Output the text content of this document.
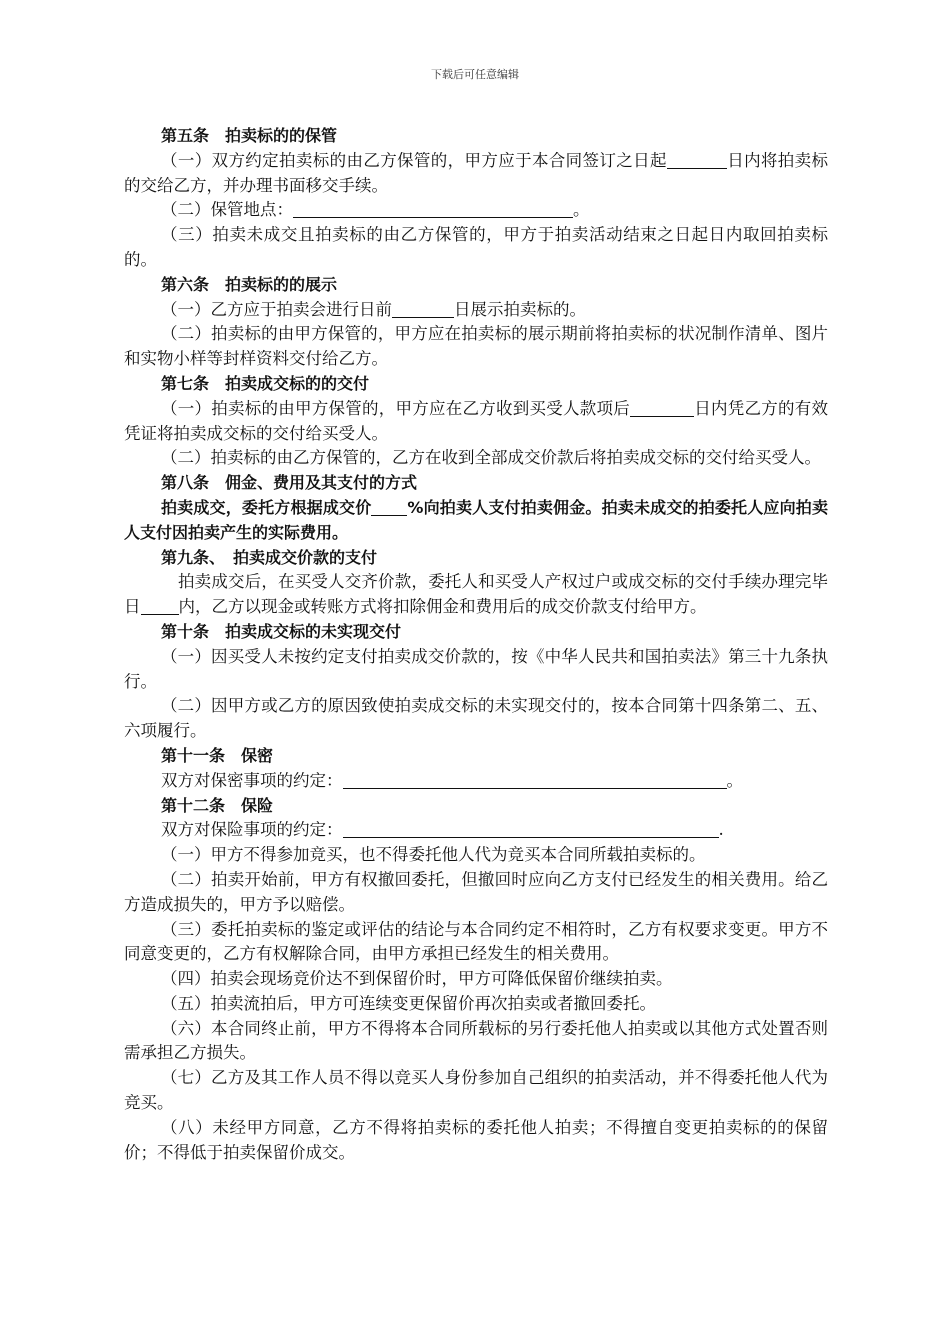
下载后可任意编辑
第五条　拍卖标的的保管
（一）双方约定拍卖标的由乙方保管的，甲方应于本合同签订之日起	日内将拍卖标的交给乙方，并办理书面移交手续。
（二）保管地点：	。
（三）拍卖未成交且拍卖标的由乙方保管的，甲方于拍卖活动结束之日起日内取回拍卖标的。
第六条　拍卖标的的展示
（一）乙方应于拍卖会进行日前	日展示拍卖标的。
（二）拍卖标的由甲方保管的，甲方应在拍卖标的展示期前将拍卖标的状况制作清单、图片和实物小样等封样资料交付给乙方。
第七条　拍卖成交标的的交付
（一）拍卖标的由甲方保管的，甲方应在乙方收到买受人款项后	日内凭乙方的有效凭证将拍卖成交标的交付给买受人。
（二）拍卖标的由乙方保管的，乙方在收到全部成交价款后将拍卖成交标的交付给买受人。
第八条　佣金、费用及其支付的方式
拍卖成交，委托方根据成交价 %向拍卖人支付拍卖佣金。拍卖未成交的拍委托人应向拍卖人支付因拍卖产生的实际费用。
第九条、　拍卖成交价款的支付
拍卖成交后，在买受人交齐价款，委托人和买受人产权过户或成交标的交付手续办理完毕日 内，乙方以现金或转账方式将扣除佣金和费用后的成交价款支付给甲方。
第十条　拍卖成交标的未实现交付
（一）因买受人未按约定支付拍卖成交价款的，按《中华人民共和国拍卖法》第三十九条执行。
（二）因甲方或乙方的原因致使拍卖成交标的未实现交付的，按本合同第十四条第二、五、六项履行。
第十一条　保密
双方对保密事项的约定：	。
第十二条　保险
双方对保险事项的约定：	.
（一）甲方不得参加竞买，也不得委托他人代为竞买本合同所载拍卖标的。
（二）拍卖开始前，甲方有权撤回委托，但撤回时应向乙方支付已经发生的相关费用。给乙方造成损失的，甲方予以赔偿。
（三）委托拍卖标的鉴定或评估的结论与本合同约定不相符时，乙方有权要求变更。甲方不同意变更的，乙方有权解除合同，由甲方承担已经发生的相关费用。
（四）拍卖会现场竞价达不到保留价时，甲方可降低保留价继续拍卖。
（五）拍卖流拍后，甲方可连续变更保留价再次拍卖或者撤回委托。
（六）本合同终止前，甲方不得将本合同所载标的另行委托他人拍卖或以其他方式处置否则需承担乙方损失。
（七）乙方及其工作人员不得以竞买人身份参加自己组织的拍卖活动，并不得委托他人代为竞买。
（八）未经甲方同意，乙方不得将拍卖标的委托他人拍卖；不得擅自变更拍卖标的的保留价；不得低于拍卖保留价成交。
